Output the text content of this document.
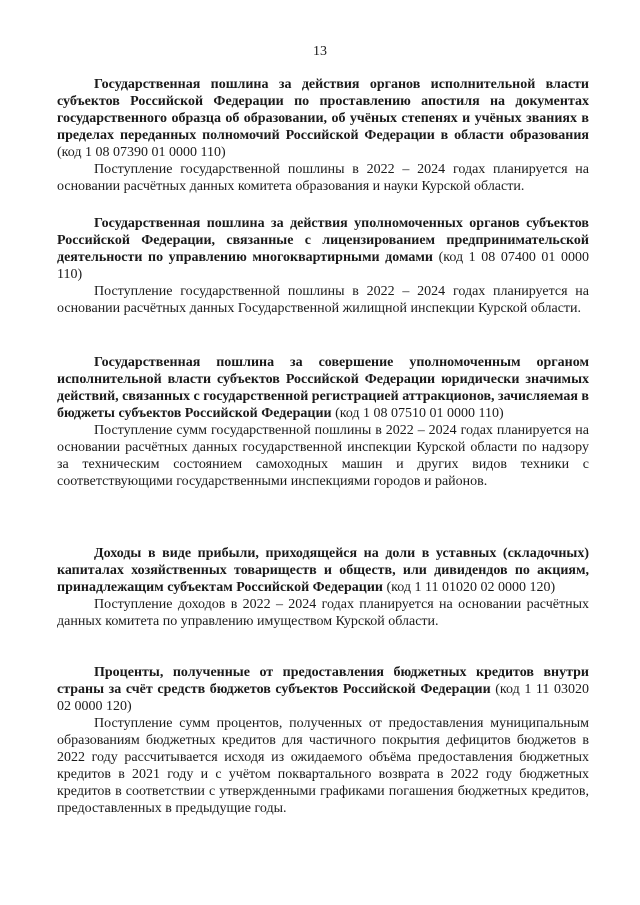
13

Государственная пошлина за действия органов исполнительной власти субъектов Российской Федерации по проставлению апостиля на документах государственного образца об образовании, об учёных степенях и учёных званиях в пределах переданных полномочий Российской Федерации в области образования (код 1 08 07390 01 0000 110)

Поступление государственной пошлины в 2022 – 2024 годах планируется на основании расчётных данных комитета образования и науки Курской области.

Государственная пошлина за действия уполномоченных органов субъектов Российской Федерации, связанные с лицензированием предпринимательской деятельности по управлению многоквартирными домами (код 1 08 07400 01 0000 110)

Поступление государственной пошлины в 2022 – 2024 годах планируется на основании расчётных данных Государственной жилищной инспекции Курской области.

Государственная пошлина за совершение уполномоченным органом исполнительной власти субъектов Российской Федерации юридически значимых действий, связанных с государственной регистрацией аттракционов, зачисляемая в бюджеты субъектов Российской Федерации (код 1 08 07510 01 0000 110)

Поступление сумм государственной пошлины в 2022 – 2024 годах планируется на основании расчётных данных государственной инспекции Курской области по надзору за техническим состоянием самоходных машин и других видов техники с соответствующими государственными инспекциями городов и районов.

Доходы в виде прибыли, приходящейся на доли в уставных (складочных) капиталах хозяйственных товариществ и обществ, или дивидендов по акциям, принадлежащим субъектам Российской Федерации (код 1 11 01020 02 0000 120)

Поступление доходов в 2022 – 2024 годах планируется на основании расчётных данных комитета по управлению имуществом Курской области.

Проценты, полученные от предоставления бюджетных кредитов внутри страны за счёт средств бюджетов субъектов Российской Федерации (код 1 11 03020 02 0000 120)

Поступление сумм процентов, полученных от предоставления муниципальным образованиям бюджетных кредитов для частичного покрытия дефицитов бюджетов в 2022 году рассчитывается исходя из ожидаемого объёма предоставления бюджетных кредитов в 2021 году и с учётом поквартального возврата в 2022 году бюджетных кредитов в соответствии с утвержденными графиками погашения бюджетных кредитов, предоставленных в предыдущие годы.
